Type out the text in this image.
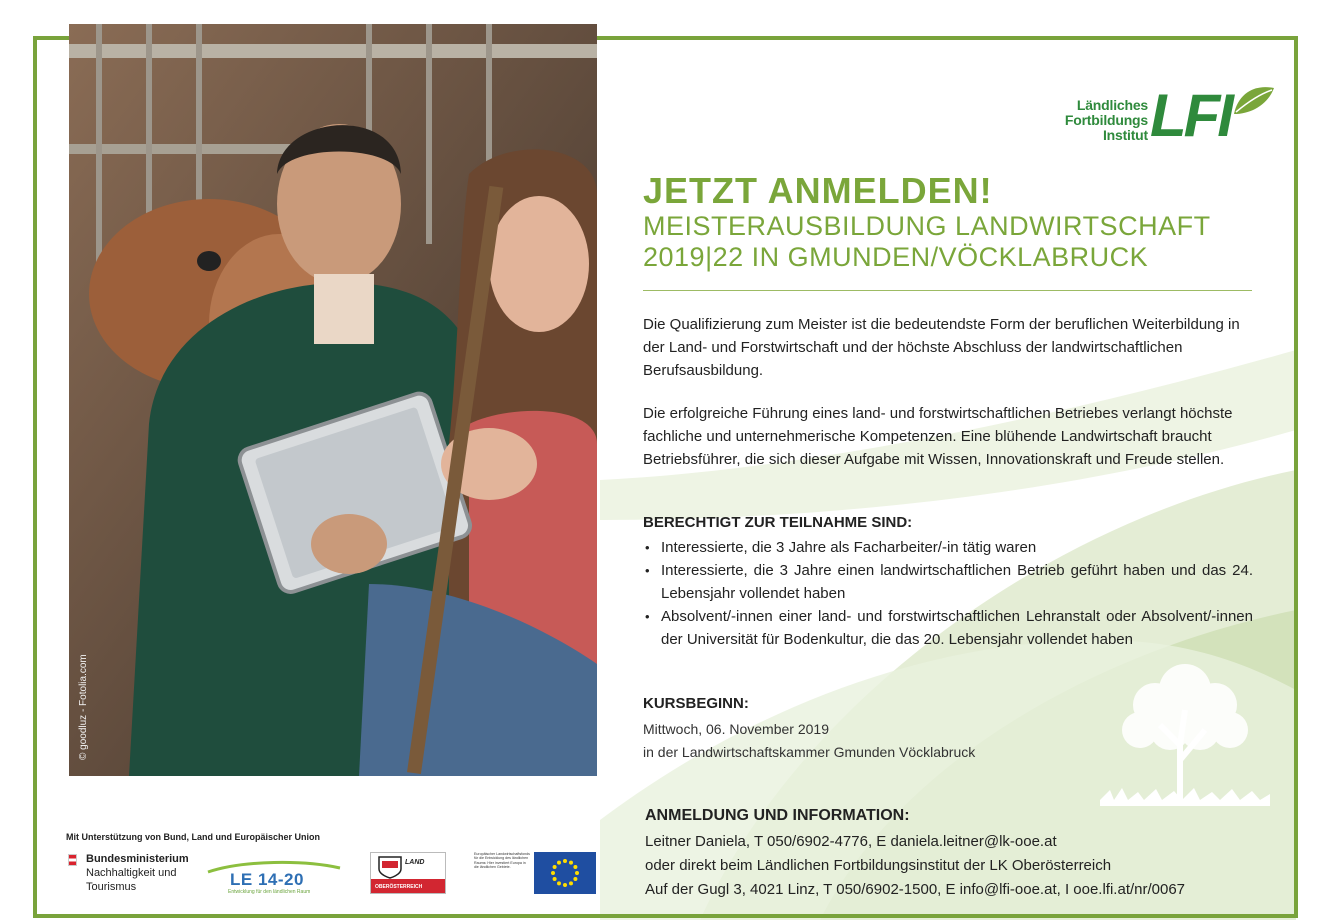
© goodluz - Fotolia.com
Ländliches
Fortbildungs
Institut LFI
JETZT ANMELDEN!
MEISTERAUSBILDUNG LANDWIRTSCHAFT
2019|22 IN GMUNDEN/VÖCKLABRUCK

Die Qualifizierung zum Meister ist die bedeutendste Form der beruflichen Weiterbildung in der Land- und Forstwirtschaft und der höchste Abschluss der landwirtschaftlichen Berufsausbildung.

Die erfolgreiche Führung eines land- und forstwirtschaftlichen Betriebes verlangt höchste fachliche und unternehmerische Kompetenzen. Eine blühende Landwirtschaft braucht Betriebsführer, die sich dieser Aufgabe mit Wissen, Innovationskraft und Freude stellen.

BERECHTIGT ZUR TEILNAHME SIND:
• Interessierte, die 3 Jahre als Facharbeiter/-in tätig waren
• Interessierte, die 3 Jahre einen landwirtschaftlichen Betrieb geführt haben und das 24. Lebensjahr vollendet haben
• Absolvent/-innen einer land- und forstwirtschaftlichen Lehranstalt oder Absolvent/-innen der Universität für Bodenkultur, die das 20. Lebensjahr vollendet haben
KURSBEGINN:
Mittwoch, 06. November 2019
in der Landwirtschaftskammer Gmunden Vöcklabruck
ANMELDUNG UND INFORMATION:
Leitner Daniela, T 050/6902-4776, E daniela.leitner@lk-ooe.at
oder direkt beim Ländlichen Fortbildungsinstitut der LK Oberösterreich
Auf der Gugl 3, 4021 Linz, T 050/6902-1500, E info@lfi-ooe.at, I ooe.lfi.at/nr/0067
Mit Unterstützung von Bund, Land und Europäischer Union
Bundesministerium
Nachhaltigkeit und
Tourismus	LE 14-20
Entwicklung für den ländlichen Raum
LAND
OBERÖSTERREICH
Europäischer Landwirtschaftsfonds für die Entwicklung des ländlichen Raums: Hier investiert Europa in die ländlichen Gebiete.
